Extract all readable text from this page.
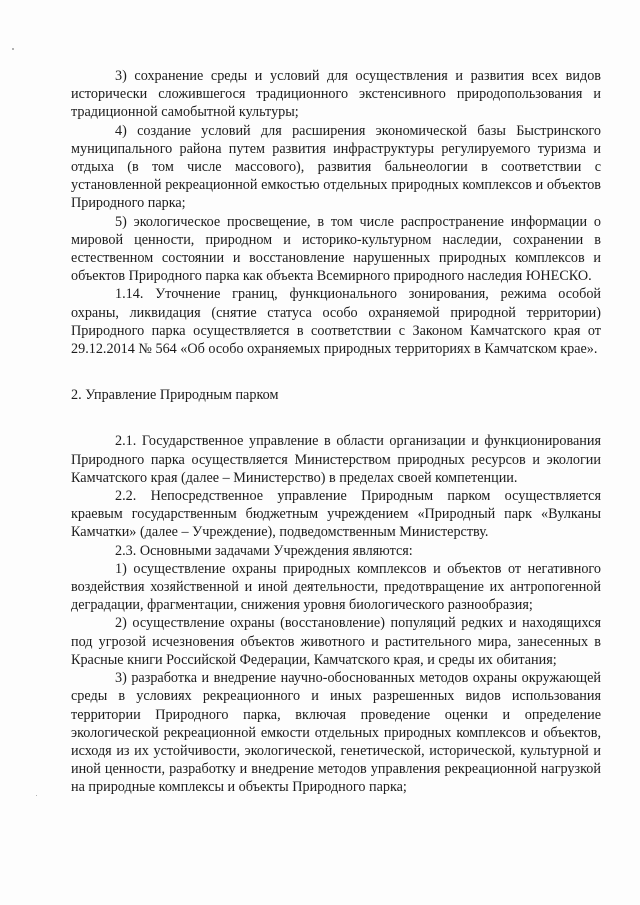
3) сохранение среды и условий для осуществления и развития всех видов исторически сложившегося традиционного экстенсивного природопользования и традиционной самобытной культуры;

4) создание условий для расширения экономической базы Быстринского муниципального района путем развития инфраструктуры регулируемого туризма и отдыха (в том числе массового), развития бальнеологии в соответствии с установленной рекреационной емкостью отдельных природных комплексов и объектов Природного парка;

5) экологическое просвещение, в том числе распространение информации о мировой ценности, природном и историко-культурном наследии, сохранении в естественном состоянии и восстановление нарушенных природных комплексов и объектов Природного парка как объекта Всемирного природного наследия ЮНЕСКО.

1.14. Уточнение границ, функционального зонирования, режима особой охраны, ликвидация (снятие статуса особо охраняемой природной территории) Природного парка осуществляется в соответствии с Законом Камчатского края от 29.12.2014 № 564 «Об особо охраняемых природных территориях в Камчатском крае».

2. Управление Природным парком

2.1. Государственное управление в области организации и функционирования Природного парка осуществляется Министерством природных ресурсов и экологии Камчатского края (далее – Министерство) в пределах своей компетенции.

2.2. Непосредственное управление Природным парком осуществляется краевым государственным бюджетным учреждением «Природный парк «Вулканы Камчатки» (далее – Учреждение), подведомственным Министерству.

2.3. Основными задачами Учреждения являются:

1) осуществление охраны природных комплексов и объектов от негативного воздействия хозяйственной и иной деятельности, предотвращение их антропогенной деградации, фрагментации, снижения уровня биологического разнообразия;

2) осуществление охраны (восстановление) популяций редких и находящихся под угрозой исчезновения объектов животного и растительного мира, занесенных в Красные книги Российской Федерации, Камчатского края, и среды их обитания;

3) разработка и внедрение научно-обоснованных методов охраны окружающей среды в условиях рекреационного и иных разрешенных видов использования территории Природного парка, включая проведение оценки и определение экологической рекреационной емкости отдельных природных комплексов и объектов, исходя из их устойчивости, экологической, генетической, исторической, культурной и иной ценности, разработку и внедрение методов управления рекреационной нагрузкой на природные комплексы и объекты Природного парка;
